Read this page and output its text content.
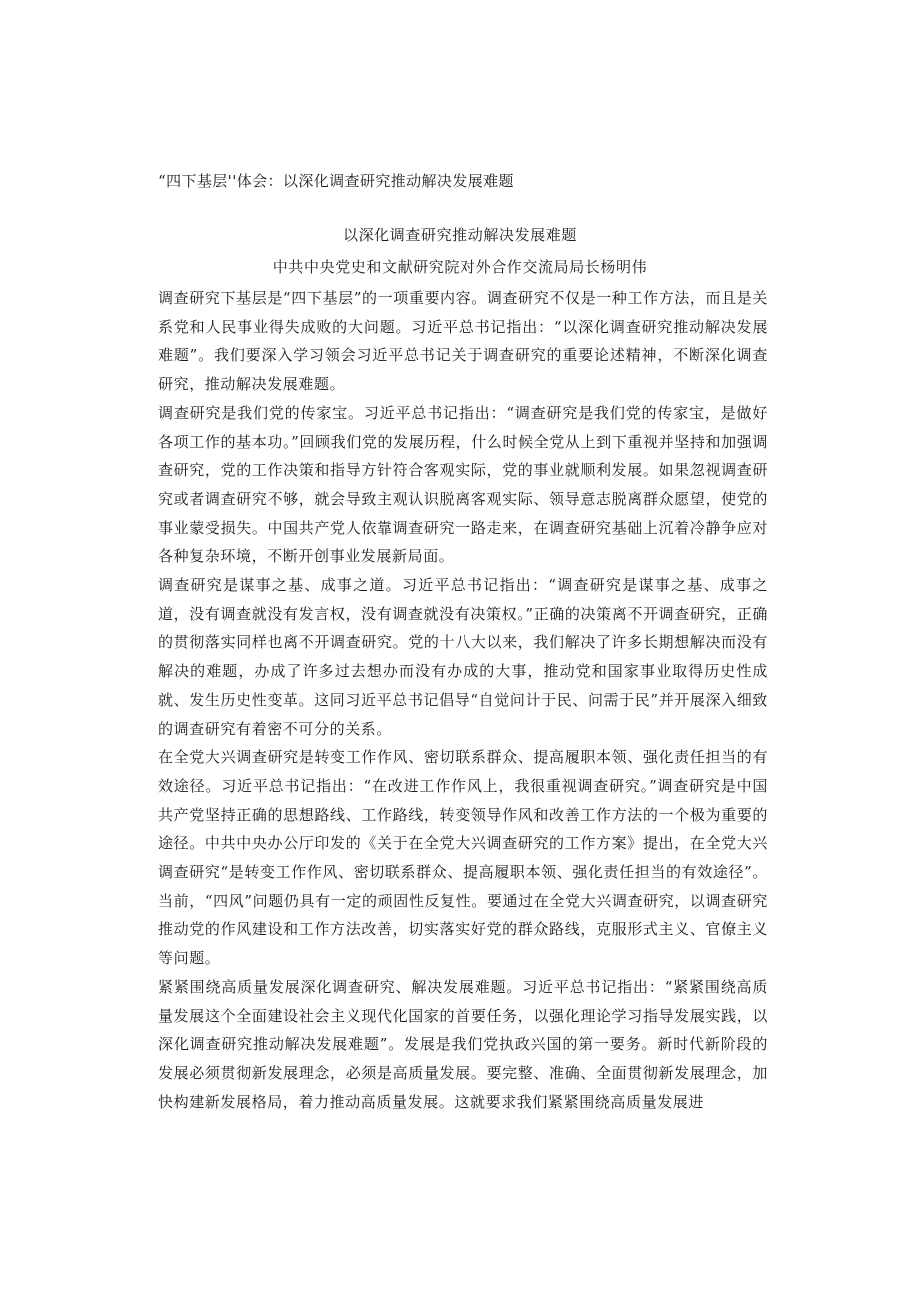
“四下基层''体会：以深化调查研究推动解决发展难题
以深化调查研究推动解决发展难题
中共中央党史和文献研究院对外合作交流局局长杨明伟

调查研究下基层是“四下基层”的一项重要内容。调查研究不仅是一种工作方法，而且是关系党和人民事业得失成败的大问题。习近平总书记指出：“以深化调查研究推动解决发展难题”。我们要深入学习领会习近平总书记关于调查研究的重要论述精神，不断深化调查研究，推动解决发展难题。

调查研究是我们党的传家宝。习近平总书记指出：“调查研究是我们党的传家宝，是做好各项工作的基本功。”回顾我们党的发展历程，什么时候全党从上到下重视并坚持和加强调查研究，党的工作决策和指导方针符合客观实际，党的事业就顺利发展。如果忽视调查研究或者调查研究不够，就会导致主观认识脱离客观实际、领导意志脱离群众愿望，使党的事业蒙受损失。中国共产党人依靠调查研究一路走来，在调查研究基础上沉着冷静争应对各种复杂环境，不断开创事业发展新局面。

调查研究是谋事之基、成事之道。习近平总书记指出：“调查研究是谋事之基、成事之道，没有调查就没有发言权，没有调查就没有决策权。”正确的决策离不开调查研究，正确的贯彻落实同样也离不开调查研究。党的十八大以来，我们解决了许多长期想解决而没有解决的难题，办成了许多过去想办而没有办成的大事，推动党和国家事业取得历史性成就、发生历史性变革。这同习近平总书记倡导“自觉问计于民、问需于民”并开展深入细致的调查研究有着密不可分的关系。

在全党大兴调查研究是转变工作作风、密切联系群众、提高履职本领、强化责任担当的有效途径。习近平总书记指出：“在改进工作作风上，我很重视调查研究。”调查研究是中国共产党坚持正确的思想路线、工作路线，转变领导作风和改善工作方法的一个极为重要的途径。中共中央办公厅印发的《关于在全党大兴调查研究的工作方案》提出，在全党大兴调查研究“是转变工作作风、密切联系群众、提高履职本领、强化责任担当的有效途径”。当前，“四风”问题仍具有一定的顽固性反复性。要通过在全党大兴调查研究，以调查研究推动党的作风建设和工作方法改善，切实落实好党的群众路线，克服形式主义、官僚主义等问题。

紧紧围绕高质量发展深化调查研究、解决发展难题。习近平总书记指出：“紧紧围绕高质量发展这个全面建设社会主义现代化国家的首要任务，以强化理论学习指导发展实践，以深化调查研究推动解决发展难题”。发展是我们党执政兴国的第一要务。新时代新阶段的发展必须贯彻新发展理念，必须是高质量发展。要完整、准确、全面贯彻新发展理念，加快构建新发展格局，着力推动高质量发展。这就要求我们紧紧围绕高质量发展进
